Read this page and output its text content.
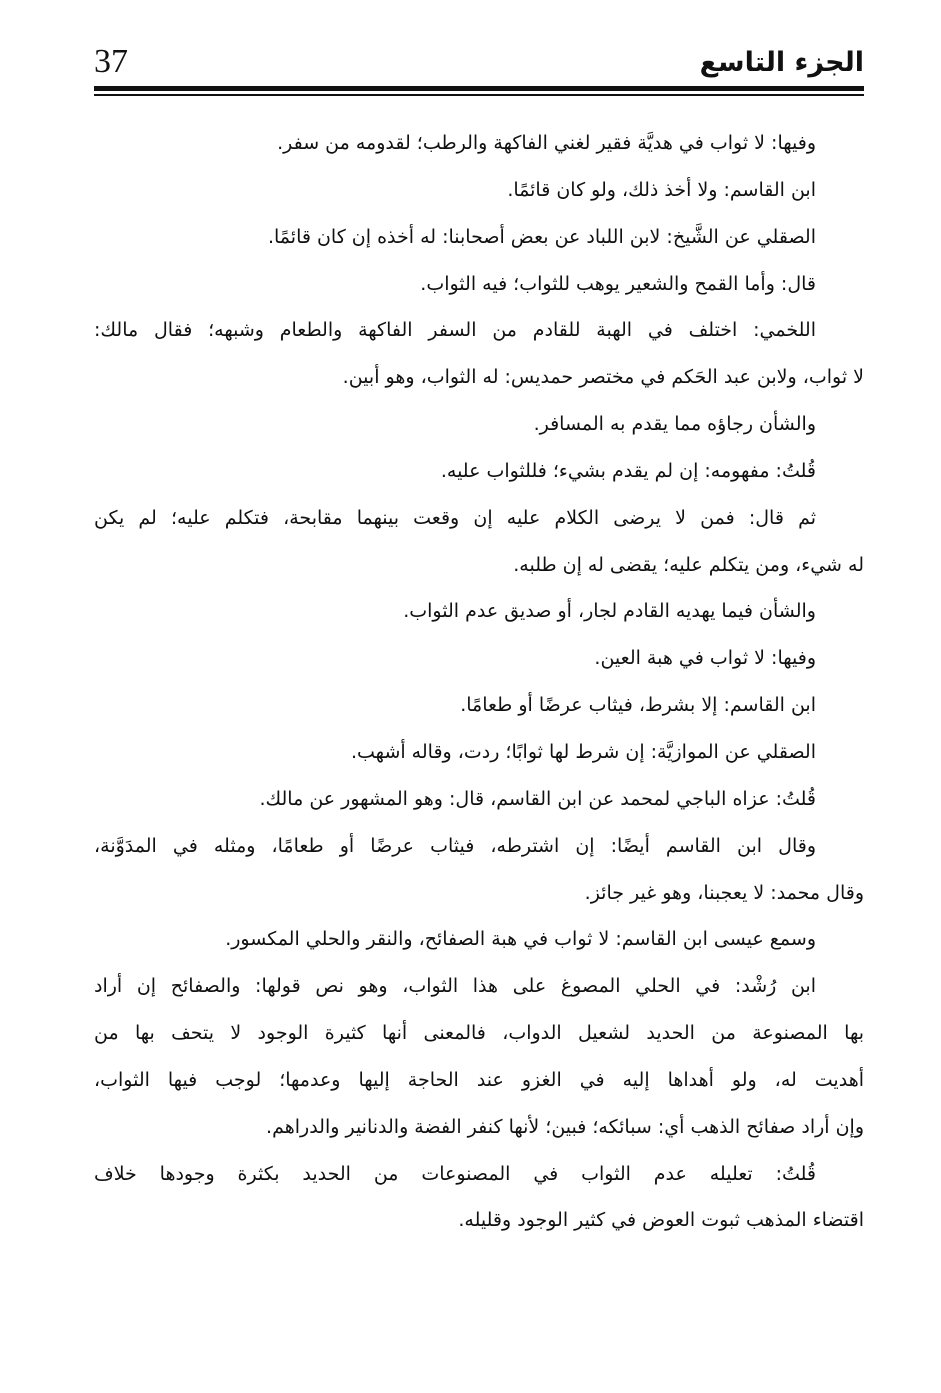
37	الجزء التاسع
وفيها: لا ثواب في هديَّة فقير لغني الفاكهة والرطب؛ لقدومه من سفر.
ابن القاسم: ولا أخذ ذلك، ولو كان قائمًا.
الصقلي عن الشَّيخ: لابن اللباد عن بعض أصحابنا: له أخذه إن كان قائمًا.
قال: وأما القمح والشعير يوهب للثواب؛ فيه الثواب.
اللخمي: اختلف في الهبة للقادم من السفر الفاكهة والطعام وشبهه؛ فقال مالك:
لا ثواب، ولابن عبد الحَكم في مختصر حمديس: له الثواب، وهو أبين.
والشأن رجاؤه مما يقدم به المسافر.
قُلتُ: مفهومه: إن لم يقدم بشيء؛ فللثواب عليه.
ثم قال: فمن لا يرضى الكلام عليه إن وقعت بينهما مقابحة، فتكلم عليه؛ لم يكن
له شيء، ومن يتكلم عليه؛ يقضى له إن طلبه.
والشأن فيما يهديه القادم لجار، أو صديق عدم الثواب.
وفيها: لا ثواب في هبة العين.
ابن القاسم: إلا بشرط، فيثاب عرضًا أو طعامًا.
الصقلي عن الموازيَّة: إن شرط لها ثوابًا؛ ردت، وقاله أشهب.
قُلتُ: عزاه الباجي لمحمد عن ابن القاسم، قال: وهو المشهور عن مالك.
وقال ابن القاسم أيضًا: إن اشترطه، فيثاب عرضًا أو طعامًا، ومثله في المدَوَّنة،
وقال محمد: لا يعجبنا، وهو غير جائز.
وسمع عيسى ابن القاسم: لا ثواب في هبة الصفائح، والنقر والحلي المكسور.
ابن رُشْد: في الحلي المصوغ على هذا الثواب، وهو نص قولها: والصفائح إن أراد
بها المصنوعة من الحديد لشعيل الدواب، فالمعنى أنها كثيرة الوجود لا يتحف بها من
أهديت له، ولو أهداها إليه في الغزو عند الحاجة إليها وعدمها؛ لوجب فيها الثواب،
وإن أراد صفائح الذهب أي: سبائكه؛ فبين؛ لأنها كنفر الفضة والدنانير والدراهم.
قُلتُ: تعليله عدم الثواب في المصنوعات من الحديد بكثرة وجودها خلاف
اقتضاء المذهب ثبوت العوض في كثير الوجود وقليله.
